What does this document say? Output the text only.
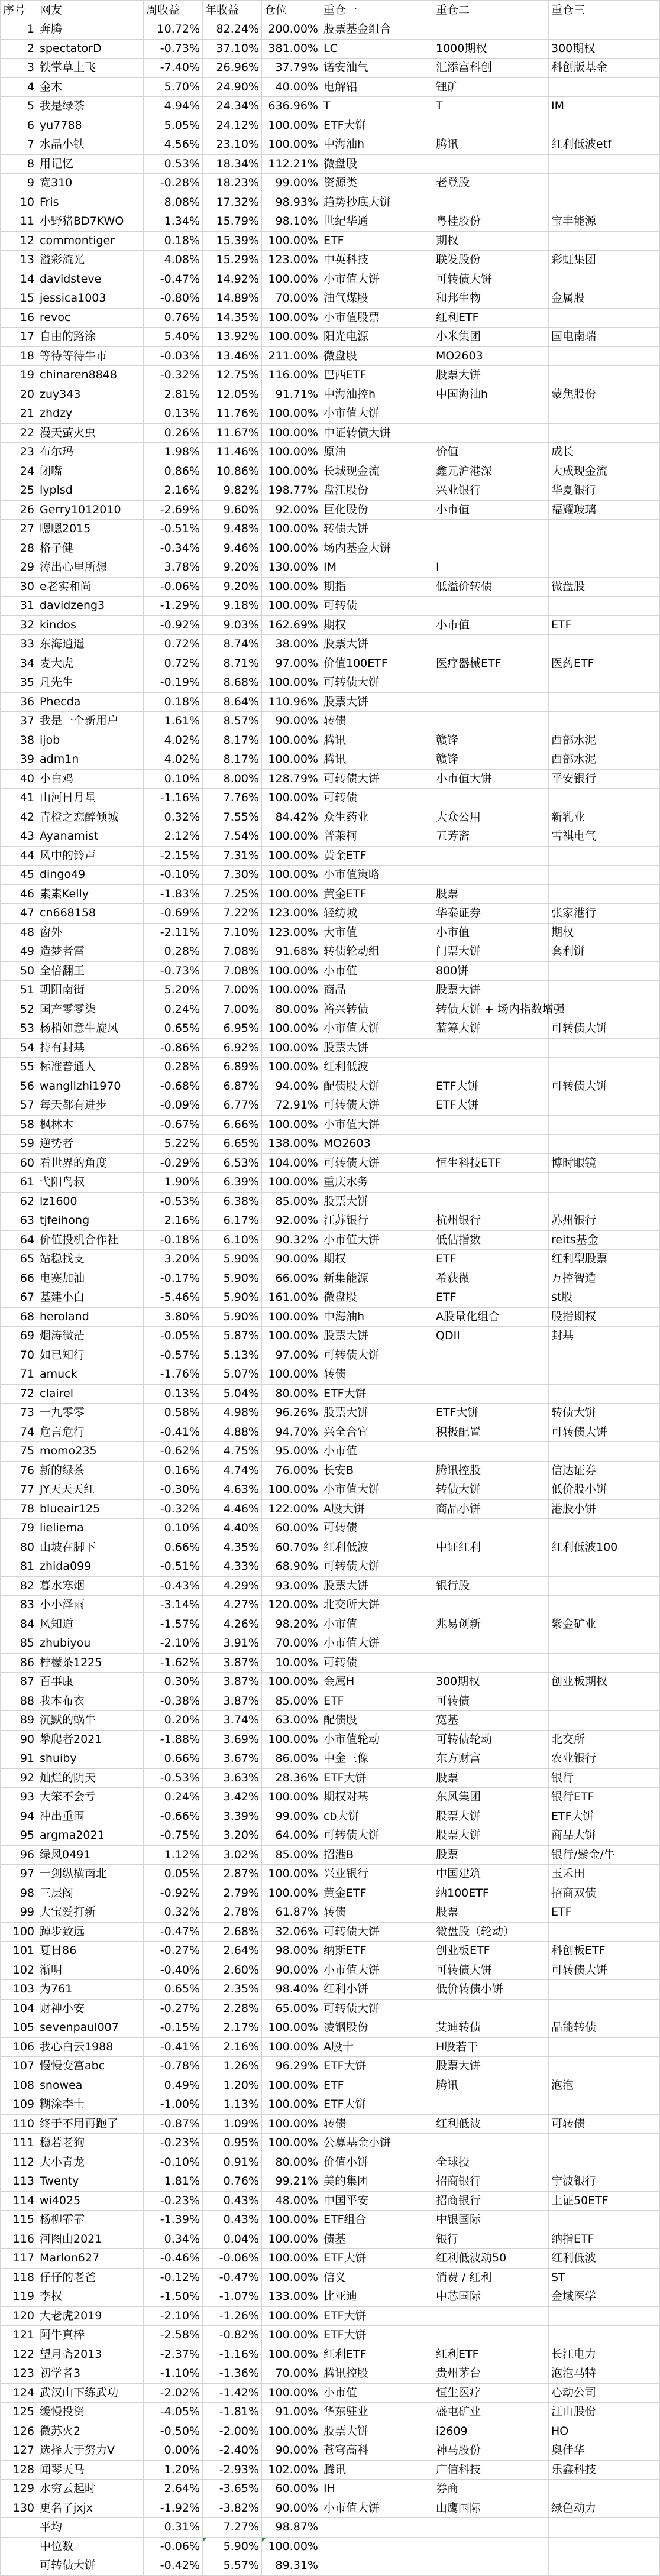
序号	网友	周收益	年收益	仓位	重仓一	重仓二	重仓三
1	奔腾	10.72%	82.24%	200.00%	股票基金组合		
2	spectatorD	-0.73%	37.10%	381.00%	LC	1000期权	300期权
3	铁掌草上飞	-7.40%	26.96%	37.79%	诺安油气	汇添富科创	科创版基金
4	金木	5.70%	24.90%	40.00%	电解铝	锂矿	
5	我是绿茶	4.94%	24.34%	636.96%	T	T	IM
6	yu7788	5.05%	24.12%	100.00%	ETF大饼		
7	水晶小铁	4.56%	23.10%	100.00%	中海油h	腾讯	红利低波etf
8	用记忆	0.53%	18.34%	112.21%	微盘股		
9	宽310	-0.28%	18.23%	99.00%	资源类	老登股	
10	Fris	8.08%	17.32%	98.93%	趋势抄底大饼		
11	小野猪BD7KWO	1.34%	15.79%	98.10%	世纪华通	粤桂股份	宝丰能源
12	commontiger	0.18%	15.39%	100.00%	ETF	期权	
13	溢彩流光	4.08%	15.29%	123.00%	中英科技	联发股份	彩虹集团
14	davidsteve	-0.47%	14.92%	100.00%	小市值大饼	可转债大饼	
15	jessica1003	-0.80%	14.89%	70.00%	油气煤股	和邦生物	金属股
16	revoc	0.76%	14.35%	100.00%	小市值股票	红利ETF	
17	自由的路涂	5.40%	13.92%	100.00%	阳光电源	小米集团	国电南瑞
18	等待等待牛市	-0.03%	13.46%	211.00%	微盘股	MO2603	
19	chinaren8848	-0.32%	12.75%	116.00%	巴西ETF	股票大饼	
20	zuy343	2.81%	12.05%	91.71%	中海油控h	中国海油h	蒙焦股份
21	zhdzy	0.13%	11.76%	100.00%	小市值大饼		
22	漫天萤火虫	0.26%	11.67%	100.00%	中证转债大饼		
23	布尔玛	1.98%	11.46%	100.00%	原油	价值	成长
24	闭嘴	0.86%	10.86%	100.00%	长城现金流	鑫元沪港深	大成现金流
25	lyplsd	2.16%	9.82%	198.77%	盘江股份	兴业银行	华夏银行
26	Gerry1012010	-2.69%	9.60%	92.00%	巨化股份	小市值	福耀玻璃
27	嗯嗯2015	-0.51%	9.48%	100.00%	转债大饼		
28	格子健	-0.34%	9.46%	100.00%	场内基金大饼		
29	涛出心里所想	3.78%	9.20%	130.00%	IM	I	
30	e老实和尚	-0.06%	9.20%	100.00%	期指	低溢价转债	微盘股
31	davidzeng3	-1.29%	9.18%	100.00%	可转债		
32	kindos	-0.92%	9.03%	162.69%	期权	小市值	ETF
33	东海逍遥	0.72%	8.74%	38.00%	股票大饼		
34	麦大虎	0.72%	8.71%	97.00%	价值100ETF	医疗器械ETF	医药ETF
35	凡先生	-0.19%	8.68%	100.00%	可转债大饼		
36	Phecda	0.18%	8.64%	110.96%	股票大饼		
37	我是一个新用户	1.61%	8.57%	90.00%	转债		
38	ijob	4.02%	8.17%	100.00%	腾讯	赣锋	西部水泥
39	adm1n	4.02%	8.17%	100.00%	腾讯	赣锋	西部水泥
40	小白鸡	0.10%	8.00%	128.79%	可转债大饼	小市值大饼	平安银行
41	山河日月星	-1.16%	7.76%	100.00%	可转债		
42	青橙之恋醉倾城	0.32%	7.55%	84.42%	众生药业	大众公用	新乳业
43	Ayanamist	2.12%	7.54%	100.00%	普莱柯	五芳斋	雪祺电气
44	风中的铃声	-2.15%	7.31%	100.00%	黄金ETF		
45	dingo49	-0.10%	7.30%	100.00%	小市值策略		
46	素素Kelly	-1.83%	7.25%	100.00%	黄金ETF	股票	
47	cn668158	-0.69%	7.22%	123.00%	轻纺城	华泰证券	张家港行
48	窗外	-2.11%	7.10%	123.00%	大市值	小市值	期权
49	造梦者雷	0.28%	7.08%	91.68%	转债轮动组	门票大饼	套利饼
50	全倍翻王	-0.73%	7.08%	100.00%	小市值	800饼	
51	朝阳南街	5.20%	7.00%	100.00%	商品	股票大饼	
52	国产零零柒	0.24%	7.00%	80.00%	裕兴转债	转债大饼 + 场内指数增强	
53	杨梢如意牛旋风	0.65%	6.95%	100.00%	小市值大饼	蓝筹大饼	可转债大饼
54	持有封基	-0.86%	6.92%	100.00%	股票大饼		
55	标准普通人	0.28%	6.89%	100.00%	红利低波		
56	wangllzhi1970	-0.68%	6.87%	94.00%	配债股大饼	ETF大饼	可转债大饼
57	每天都有进步	-0.09%	6.77%	72.91%	可转债大饼	ETF大饼	
58	枫林木	-0.67%	6.66%	100.00%	小市值大饼		
59	逆势者	5.22%	6.65%	138.00%	MO2603		
60	看世界的角度	-0.29%	6.53%	104.00%	可转债大饼	恒生科技ETF	博时眼镜
61	弋阳鸟叔	1.90%	6.39%	100.00%	重庆水务		
62	lz1600	-0.53%	6.38%	85.00%	股票大饼		
63	tjfeihong	2.16%	6.17%	92.00%	江苏银行	杭州银行	苏州银行
64	价值投机合作社	-0.18%	6.10%	90.32%	小市值大饼	低估指数	reits基金
65	站稳找支	3.20%	5.90%	90.00%	期权	ETF	红利型股票
66	电赛加油	-0.17%	5.90%	66.00%	新集能源	希荻微	万控智造
67	基建小白	-5.46%	5.90%	161.00%	微盘股	ETF	st股
68	heroland	3.80%	5.90%	100.00%	中海油h	A股量化组合	股指期权
69	烟涛微茫	-0.05%	5.87%	100.00%	股票大饼	QDII	封基
70	如已知行	-0.57%	5.13%	97.00%	可转债大饼		
71	amuck	-1.76%	5.07%	100.00%	转债		
72	clairel	0.13%	5.04%	80.00%	ETF大饼		
73	一九零零	0.58%	4.98%	96.26%	股票大饼	ETF大饼	转债大饼
74	危言危行	-0.41%	4.88%	94.70%	兴全合宜	积极配置	可转债大饼
75	momo235	-0.62%	4.75%	95.00%	小市值		
76	新的绿茶	0.16%	4.74%	76.00%	长安B	腾讯控股	信达证券
77	JY天天天红	-0.30%	4.63%	100.00%	小市值大饼	转债大饼	低价股小饼
78	blueair125	-0.32%	4.46%	122.00%	A股大饼	商品小饼	港股小饼
79	lieliema	0.10%	4.40%	60.00%	可转债		
80	山坡在脚下	0.66%	4.35%	60.70%	红利低波	中证红利	红利低波100
81	zhida099	-0.51%	4.33%	68.90%	可转债大饼		
82	暮水寒烟	-0.43%	4.29%	93.00%	股票大饼	银行股	
83	小小泽雨	-3.14%	4.27%	120.00%	北交所大饼		
84	风知道	-1.57%	4.26%	98.20%	小市值	兆易创新	紫金矿业
85	zhubiyou	-2.10%	3.91%	70.00%	小市值大饼		
86	柠檬茶1225	-1.62%	3.87%	10.00%	可转债		
87	百事康	0.30%	3.87%	100.00%	金属H	300期权	创业板期权
88	我本布衣	-0.38%	3.87%	85.00%	ETF	可转债	
89	沉默的蜗牛	0.20%	3.74%	63.00%	配债股	宽基	
90	攀爬者2021	-1.88%	3.69%	100.00%	小市值轮动	可转债轮动	北交所
91	shuiby	0.66%	3.67%	86.00%	中金三像	东方财富	农业银行
92	灿烂的阴天	-0.53%	3.63%	28.36%	ETF大饼	股票	银行
93	大笨不会亏	0.24%	3.42%	100.00%	期权对基	东风集团	银行ETF
94	冲出重围	-0.66%	3.39%	99.00%	cb大饼	股票大饼	ETF大饼
95	argma2021	-0.75%	3.20%	64.00%	可转债大饼	股票大饼	商品大饼
96	绿风0491	1.12%	3.02%	85.00%	招港B	股票	银行/紫金/牛
97	一剑纵横南北	0.05%	2.87%	100.00%	兴业银行	中国建筑	玉禾田
98	三层阁	-0.92%	2.79%	100.00%	黄金ETF	纳100ETF	招商双债
99	大宝爱打新	0.32%	2.78%	61.87%	转债	股票	ETF
100	踔步致远	-0.47%	2.68%	32.06%	可转债大饼	微盘股（轮动）	
101	夏日86	-0.27%	2.64%	98.00%	纳斯ETF	创业板ETF	科创板ETF
102	渐明	-0.40%	2.60%	90.00%	小市值大饼	可转债大饼	可转债大饼
103	为761	0.65%	2.35%	98.40%	红利小饼	低价转债小饼	
104	财神小安	-0.27%	2.28%	65.00%	可转债大饼		
105	sevenpaul007	-0.15%	2.17%	100.00%	凌钢股份	艾迪转债	晶能转债
106	我心白云1988	-0.41%	2.16%	100.00%	A股十	H股若干	
107	慢慢变富abc	-0.78%	1.26%	96.29%	ETF大饼	股票大饼	
108	snowea	0.49%	1.20%	100.00%	ETF	腾讯	泡泡
109	糊涂李士	-1.00%	1.13%	100.00%	ETF大饼		
110	终于不用再跑了	-0.87%	1.09%	100.00%	转债	红利低波	可转债
111	稳若老狗	-0.23%	0.95%	100.00%	公募基金小饼		
112	大小青龙	-0.10%	0.91%	80.00%	价值小饼	全球投	
113	Twenty	1.81%	0.76%	99.21%	美的集团	招商银行	宁波银行
114	wi4025	-0.23%	0.43%	48.00%	中国平安	招商银行	上证50ETF
115	杨柳霏霏	-1.39%	0.43%	100.00%	ETF组合	中银国际	
116	河图山2021	0.34%	0.04%	100.00%	债基	银行	纳指ETF
117	Marlon627	-0.46%	-0.06%	100.00%	ETF大饼	红利低波动50	红利低波
118	仔仔的老爸	-0.12%	-0.47%	100.00%	信义	消费 / 红利	ST
119	李权	-1.50%	-1.07%	133.00%	比亚迪	中芯国际	金域医学
120	大老虎2019	-2.10%	-1.26%	100.00%	ETF大饼		
121	阿牛真棒	-2.58%	-0.82%	100.00%	ETF大饼		
122	望月斋2013	-2.37%	-1.16%	100.00%	红利ETF	红利ETF	长江电力
123	初学者3	-1.10%	-1.36%	70.00%	腾讯控股	贵州茅台	泡泡马特
124	武汉山下练武功	-2.02%	-1.42%	100.00%	小市值	恒生医疗	心动公司
125	缓慢投资	-4.05%	-1.81%	91.00%	华东驻业	盛屯矿业	江山股份
126	微苏火2	-0.50%	-2.00%	100.00%	股票大饼	i2609	HO
127	选择大于努力V	0.00%	-2.40%	90.00%	苍穹高科	神马股份	奥佳华
128	闻琴天马	1.20%	-2.93%	102.00%	腾讯	广信科技	乐鑫科技
129	水穷云起时	2.64%	-3.65%	60.00%	IH	券商	
130	更名了jxjx	-1.92%	-3.82%	90.00%	小市值大饼	山鹰国际	绿色动力
	平均	0.31%	7.27%	98.87%			
	中位数	-0.06%	5.90%	100.00%			
	可转债大饼	-0.42%	5.57%	89.31%			
